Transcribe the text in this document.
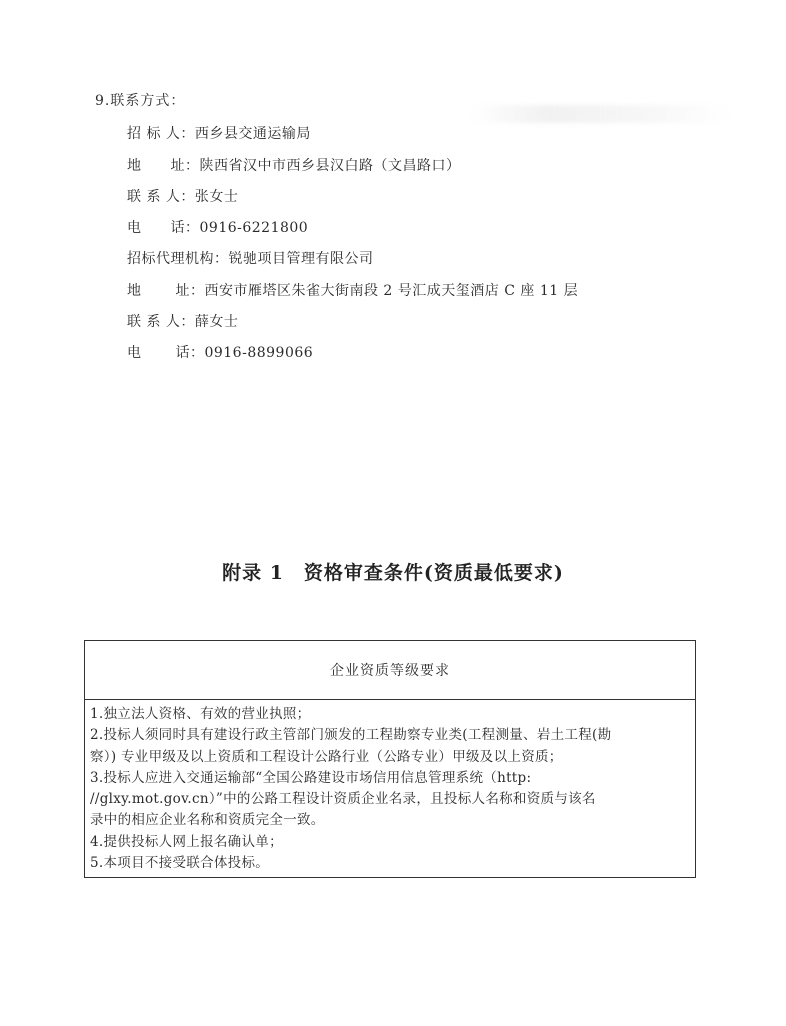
9.联系方式：
招 标 人：西乡县交通运输局
地　　址：陕西省汉中市西乡县汉白路（文昌路口）
联 系 人：张女士
电　　话：0916-6221800
招标代理机构：锐驰项目管理有限公司
地　　 址：西安市雁塔区朱雀大街南段 2 号汇成天玺酒店 C 座 11 层
联 系 人：薛女士
电　　 话：0916-8899066
附录 1　资格审查条件(资质最低要求)
企业资质等级要求
1.独立法人资格、有效的营业执照；
2.投标人须同时具有建设行政主管部门颁发的工程勘察专业类(工程测量、岩土工程(勘
察）) 专业甲级及以上资质和工程设计公路行业（公路专业）甲级及以上资质；
3.投标人应进入交通运输部“全国公路建设市场信用信息管理系统（http:
//glxy.mot.gov.cn）”中的公路工程设计资质企业名录，且投标人名称和资质与该名
录中的相应企业名称和资质完全一致。
4.提供投标人网上报名确认单；
5.本项目不接受联合体投标。
